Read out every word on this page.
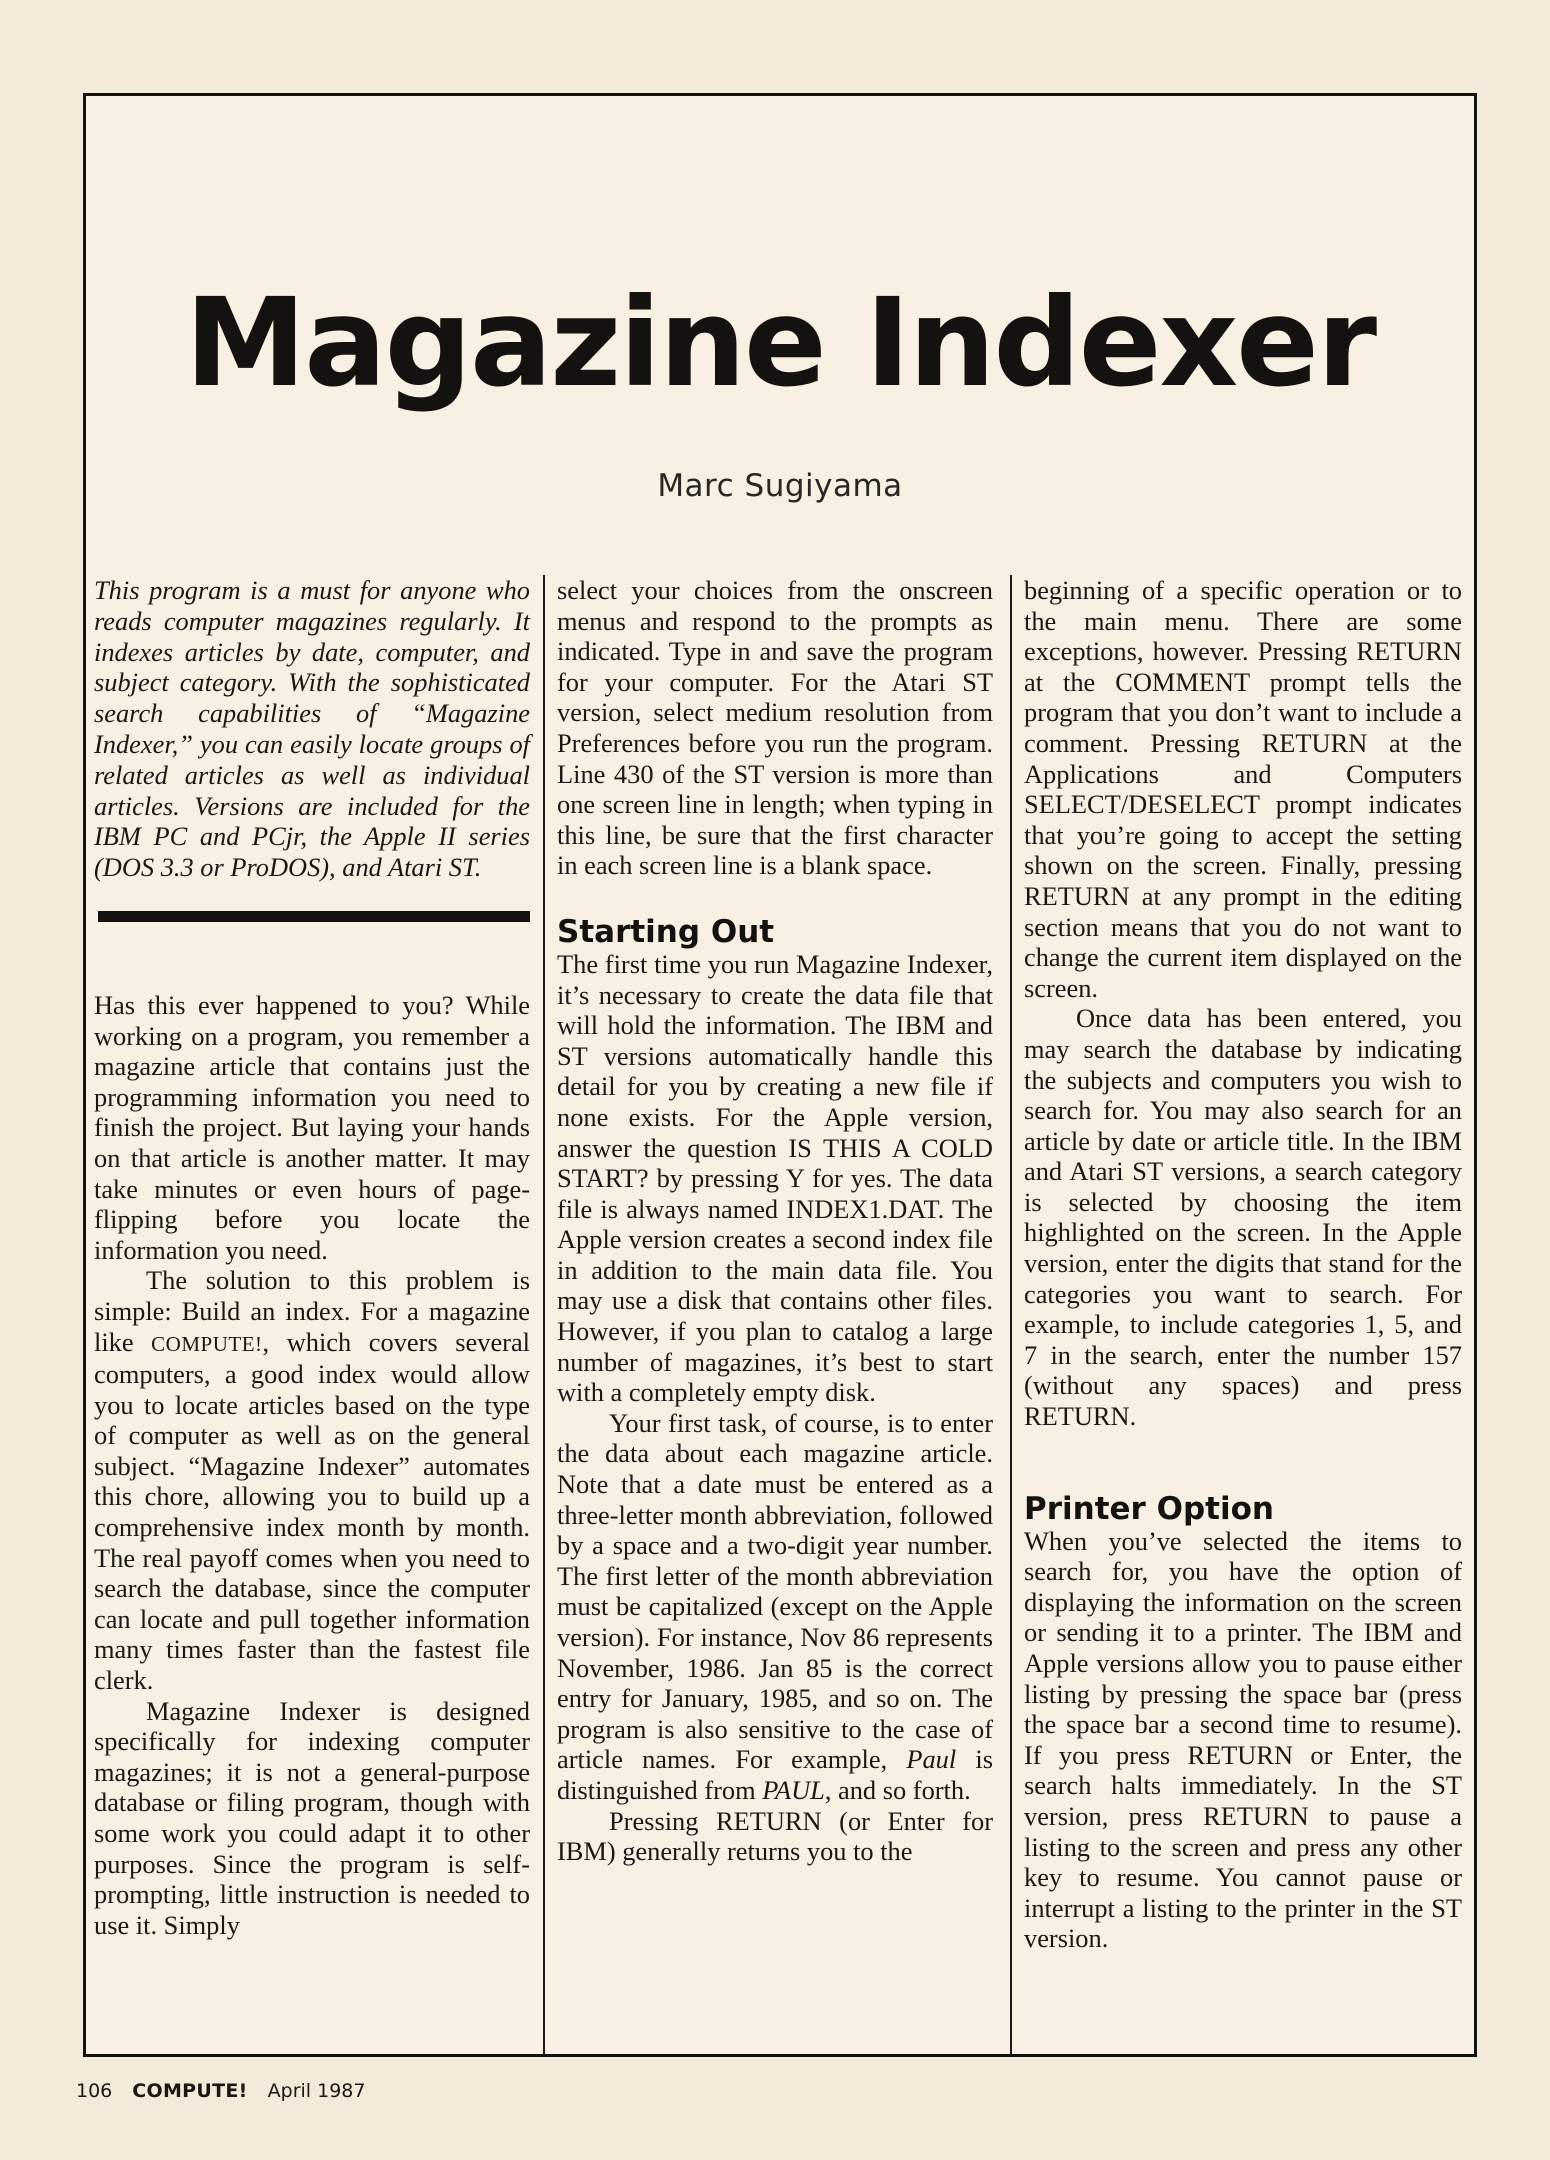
Magazine Indexer
Marc Sugiyama

This program is a must for anyone who reads computer magazines regularly. It indexes articles by date, computer, and subject category. With the sophisticated search capabilities of “Magazine Indexer,” you can easily locate groups of related articles as well as individual articles. Versions are included for the IBM PC and PCjr, the Apple II series (DOS 3.3 or ProDOS), and Atari ST.

Has this ever happened to you? While working on a program, you remember a magazine article that contains just the programming information you need to finish the project. But laying your hands on that article is another matter. It may take minutes or even hours of page-flipping before you locate the information you need.

The solution to this problem is simple: Build an index. For a magazine like COMPUTE!, which covers several computers, a good index would allow you to locate articles based on the type of computer as well as on the general subject. “Magazine Indexer” automates this chore, allowing you to build up a comprehensive index month by month. The real payoff comes when you need to search the database, since the computer can locate and pull together information many times faster than the fastest file clerk.

Magazine Indexer is designed specifically for indexing computer magazines; it is not a general-purpose database or filing program, though with some work you could adapt it to other purposes. Since the program is self-prompting, little instruction is needed to use it. Simply

select your choices from the onscreen menus and respond to the prompts as indicated. Type in and save the program for your computer. For the Atari ST version, select medium resolution from Preferences before you run the program. Line 430 of the ST version is more than one screen line in length; when typing in this line, be sure that the first character in each screen line is a blank space.

Starting Out

The first time you run Magazine Indexer, it’s necessary to create the data file that will hold the information. The IBM and ST versions automatically handle this detail for you by creating a new file if none exists. For the Apple version, answer the question IS THIS A COLD START? by pressing Y for yes. The data file is always named INDEX1.DAT. The Apple version creates a second index file in addition to the main data file. You may use a disk that contains other files. However, if you plan to catalog a large number of magazines, it’s best to start with a completely empty disk.

Your first task, of course, is to enter the data about each magazine article. Note that a date must be entered as a three-letter month abbreviation, followed by a space and a two-digit year number. The first letter of the month abbreviation must be capitalized (except on the Apple version). For instance, Nov 86 represents November, 1986. Jan 85 is the correct entry for January, 1985, and so on. The program is also sensitive to the case of article names. For example, Paul is distinguished from PAUL, and so forth.

Pressing RETURN (or Enter for IBM) generally returns you to the

beginning of a specific operation or to the main menu. There are some exceptions, however. Pressing RETURN at the COMMENT prompt tells the program that you don’t want to include a comment. Pressing RETURN at the Applications and Computers SELECT/DESELECT prompt indicates that you’re going to accept the setting shown on the screen. Finally, pressing RETURN at any prompt in the editing section means that you do not want to change the current item displayed on the screen.

Once data has been entered, you may search the database by indicating the subjects and computers you wish to search for. You may also search for an article by date or article title. In the IBM and Atari ST versions, a search category is selected by choosing the item highlighted on the screen. In the Apple version, enter the digits that stand for the categories you want to search. For example, to include categories 1, 5, and 7 in the search, enter the number 157 (without any spaces) and press RETURN.

Printer Option

When you’ve selected the items to search for, you have the option of displaying the information on the screen or sending it to a printer. The IBM and Apple versions allow you to pause either listing by pressing the space bar (press the space bar a second time to resume). If you press RETURN or Enter, the search halts immediately. In the ST version, press RETURN to pause a listing to the screen and press any other key to resume. You cannot pause or interrupt a listing to the printer in the ST version.

106 COMPUTE! April 1987
